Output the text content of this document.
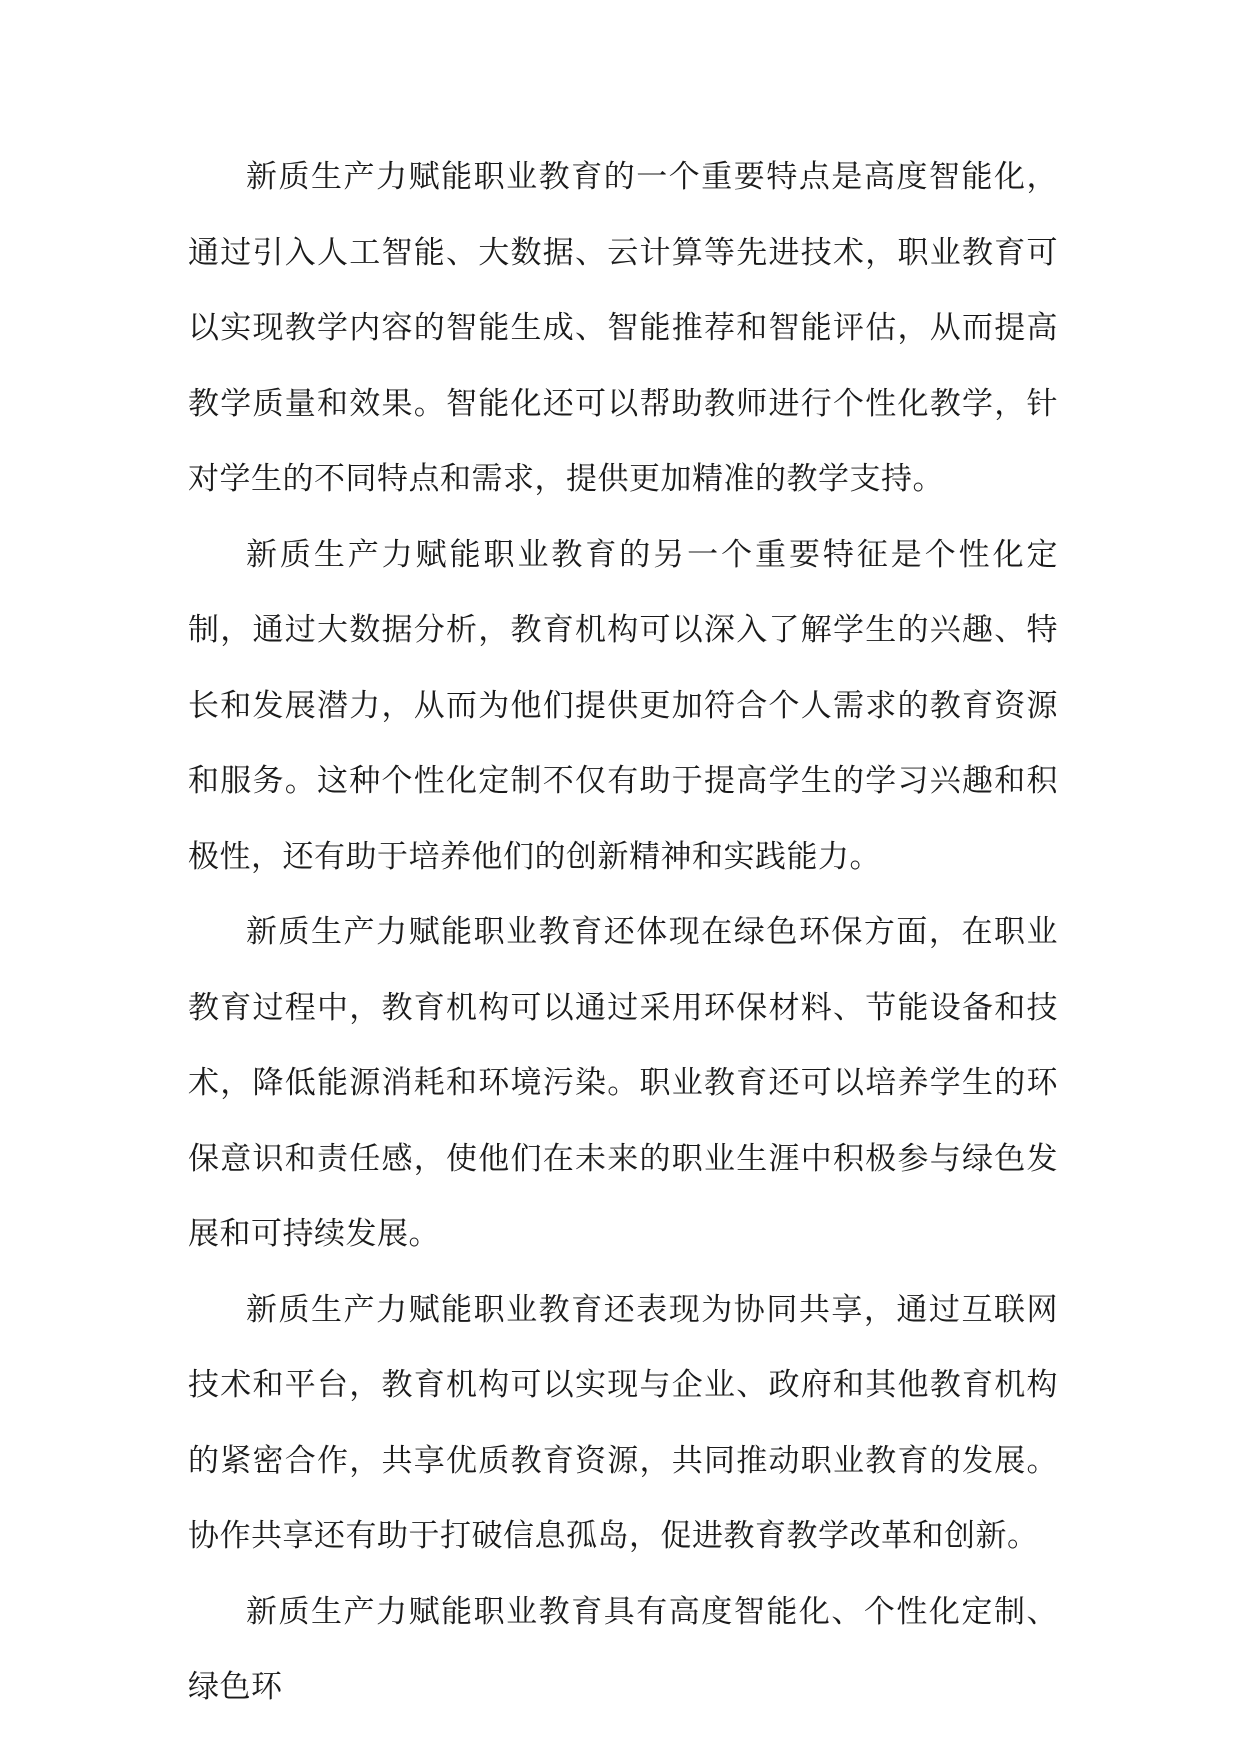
新质生产力赋能职业教育的一个重要特点是高度智能化，通过引入人工智能、大数据、云计算等先进技术，职业教育可以实现教学内容的智能生成、智能推荐和智能评估，从而提高教学质量和效果。智能化还可以帮助教师进行个性化教学，针对学生的不同特点和需求，提供更加精准的教学支持。

新质生产力赋能职业教育的另一个重要特征是个性化定制，通过大数据分析，教育机构可以深入了解学生的兴趣、特长和发展潜力，从而为他们提供更加符合个人需求的教育资源和服务。这种个性化定制不仅有助于提高学生的学习兴趣和积极性，还有助于培养他们的创新精神和实践能力。

新质生产力赋能职业教育还体现在绿色环保方面，在职业教育过程中，教育机构可以通过采用环保材料、节能设备和技术，降低能源消耗和环境污染。职业教育还可以培养学生的环保意识和责任感，使他们在未来的职业生涯中积极参与绿色发展和可持续发展。

新质生产力赋能职业教育还表现为协同共享，通过互联网技术和平台，教育机构可以实现与企业、政府和其他教育机构的紧密合作，共享优质教育资源，共同推动职业教育的发展。协作共享还有助于打破信息孤岛，促进教育教学改革和创新。

新质生产力赋能职业教育具有高度智能化、个性化定制、绿色环
